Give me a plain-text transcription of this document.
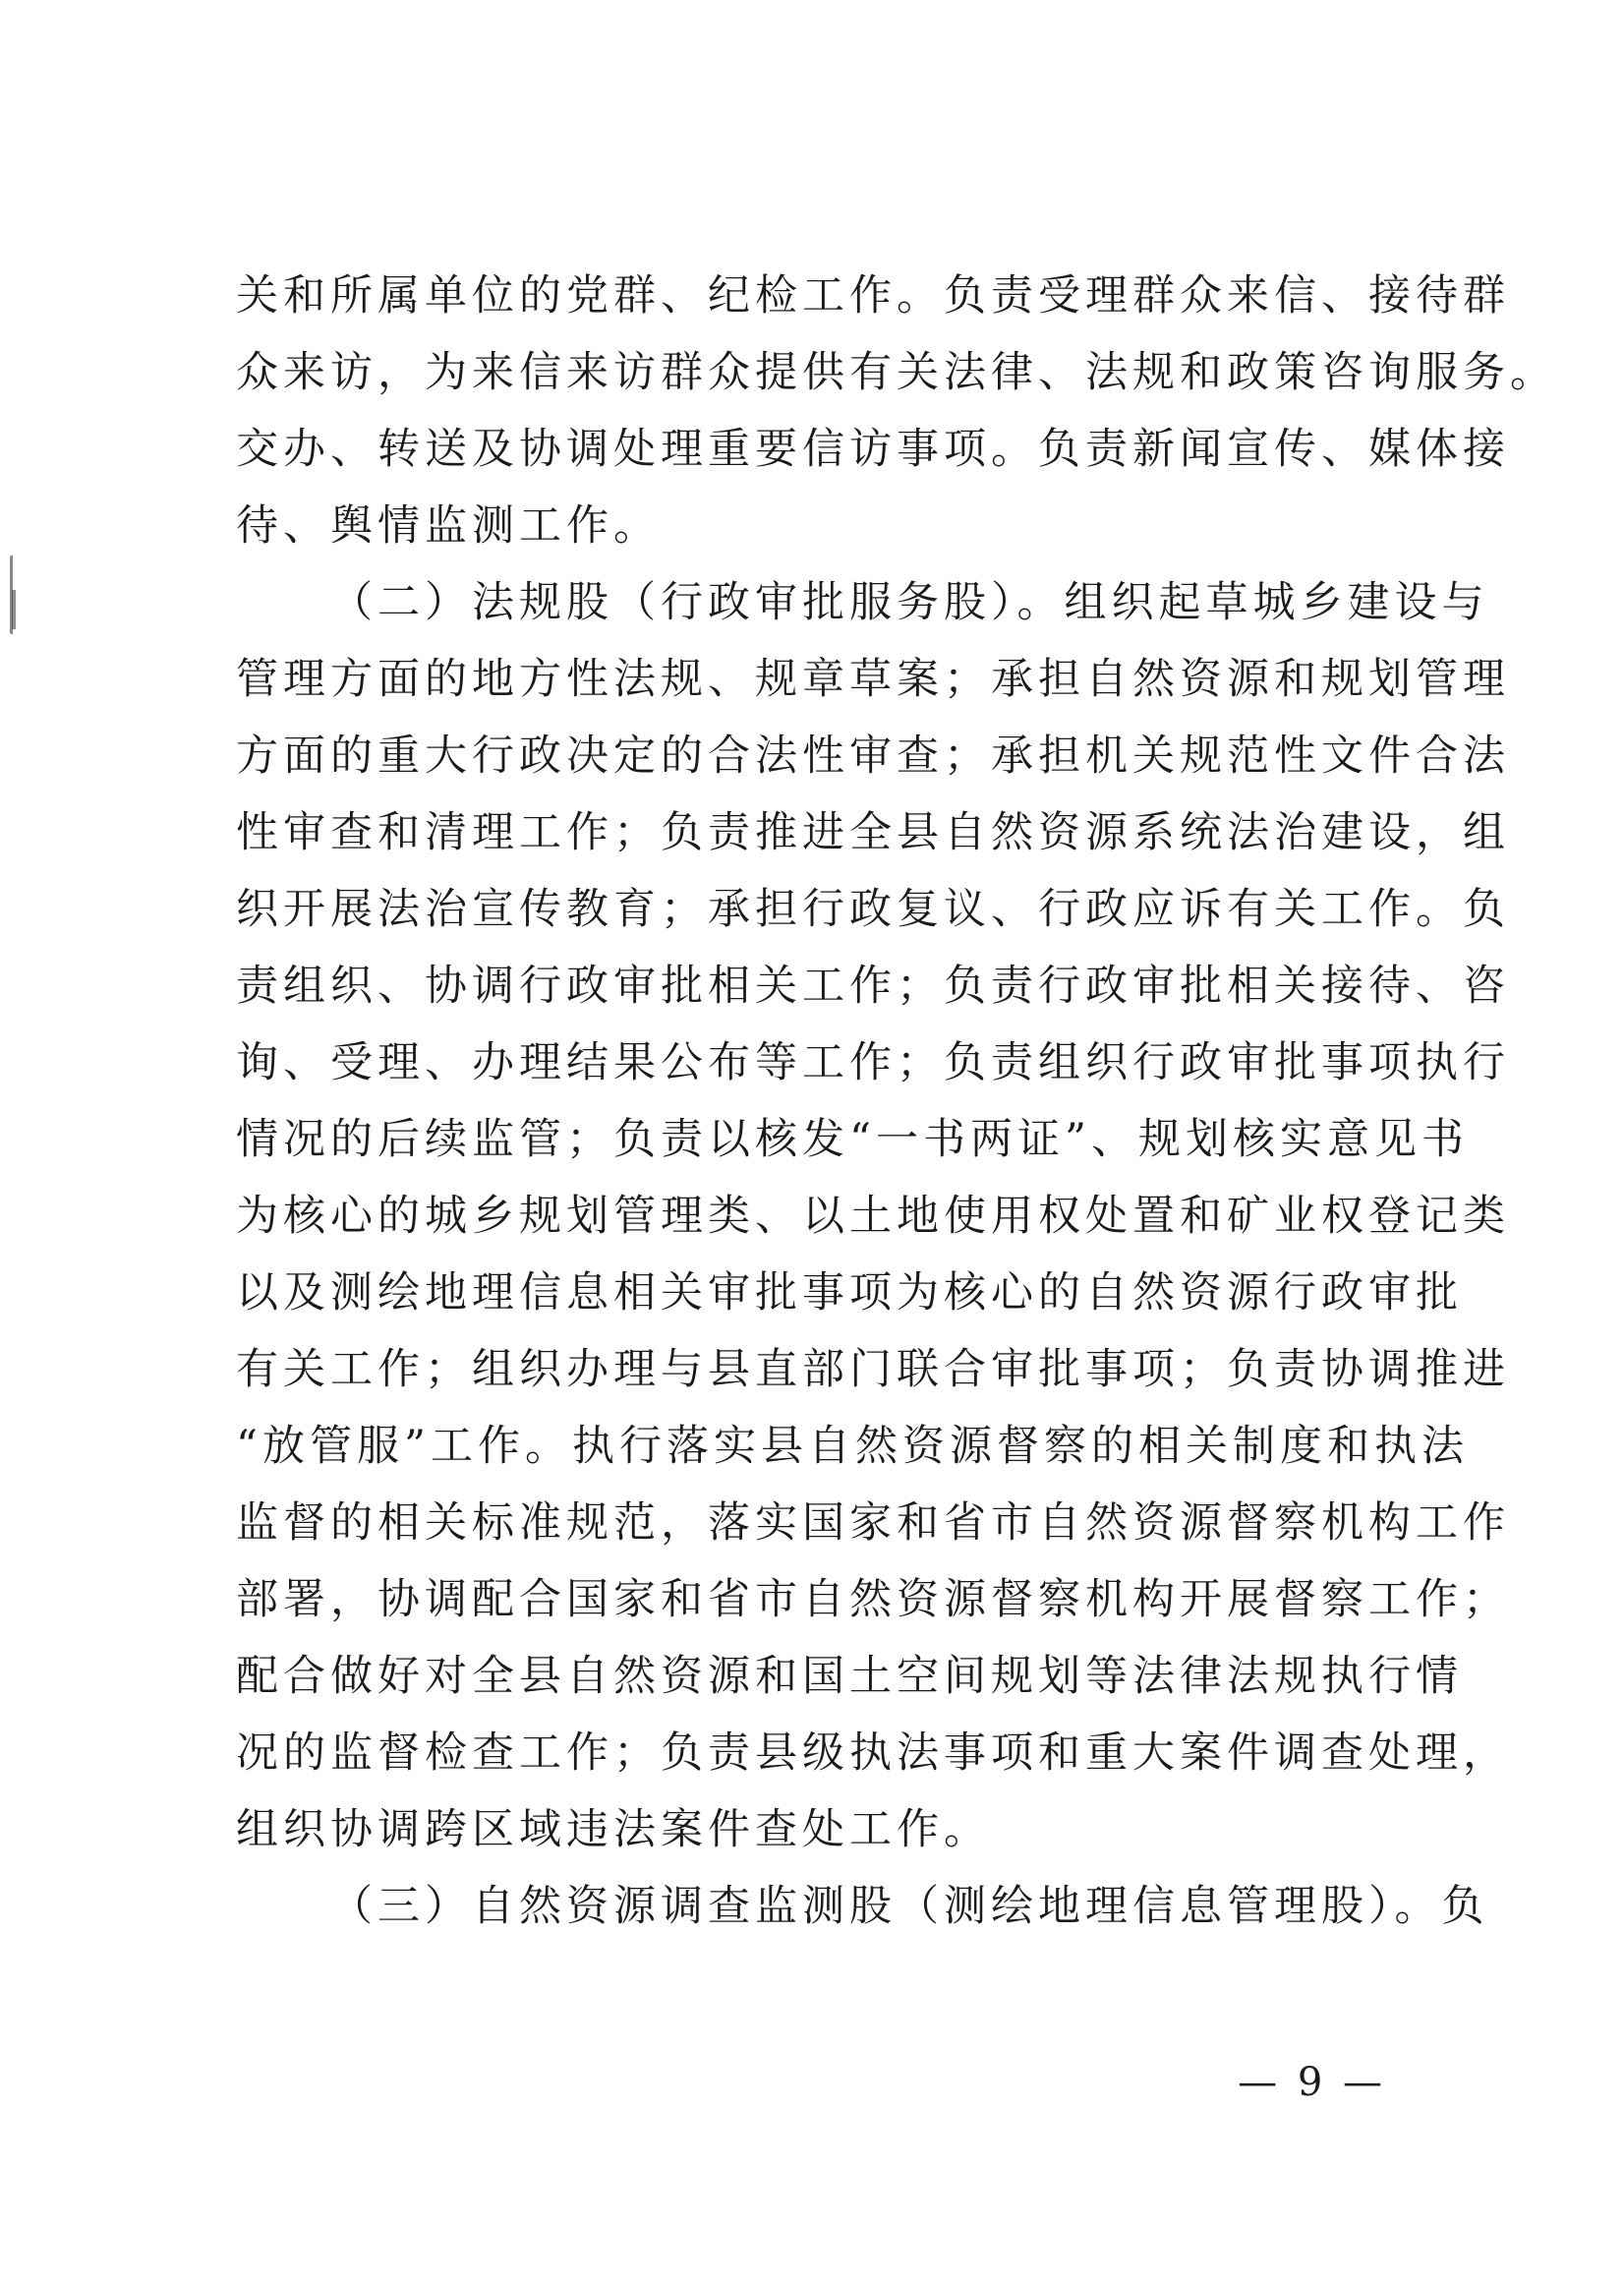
关和所属单位的党群、纪检工作。负责受理群众来信、接待群
众来访，为来信来访群众提供有关法律、法规和政策咨询服务。
交办、转送及协调处理重要信访事项。负责新闻宣传、媒体接
待、舆情监测工作。
（二）法规股（行政审批服务股）。组织起草城乡建设与
管理方面的地方性法规、规章草案；承担自然资源和规划管理
方面的重大行政决定的合法性审查；承担机关规范性文件合法
性审查和清理工作；负责推进全县自然资源系统法治建设，组
织开展法治宣传教育；承担行政复议、行政应诉有关工作。负
责组织、协调行政审批相关工作；负责行政审批相关接待、咨
询、受理、办理结果公布等工作；负责组织行政审批事项执行
情况的后续监管；负责以核发“一书两证”、规划核实意见书
为核心的城乡规划管理类、以土地使用权处置和矿业权登记类
以及测绘地理信息相关审批事项为核心的自然资源行政审批
有关工作；组织办理与县直部门联合审批事项；负责协调推进
“放管服”工作。执行落实县自然资源督察的相关制度和执法
监督的相关标准规范，落实国家和省市自然资源督察机构工作
部署，协调配合国家和省市自然资源督察机构开展督察工作；
配合做好对全县自然资源和国土空间规划等法律法规执行情
况的监督检查工作；负责县级执法事项和重大案件调查处理，
组织协调跨区域违法案件查处工作。
（三）自然资源调查监测股（测绘地理信息管理股）。负
— 9 —
